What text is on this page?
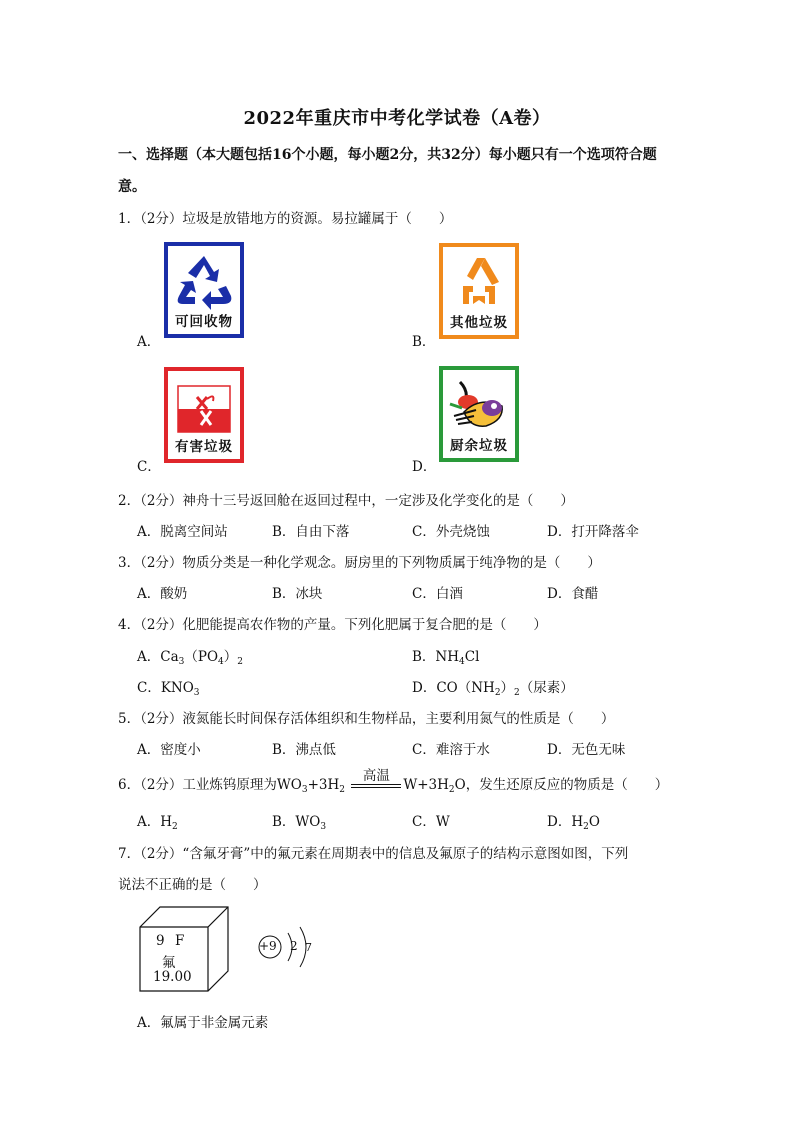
2022年重庆市中考化学试卷（A卷）
一、选择题（本大题包括16个小题，每小题2分，共32分）每小题只有一个选项符合题
意。
1．（2分）垃圾是放错地方的资源。易拉罐属于（　　）
A．
可回收物
B．
其他垃圾
C．
有害垃圾
D．
厨余垃圾
2．（2分）神舟十三号返回舱在返回过程中，一定涉及化学变化的是（　　）
A．脱离空间站	B．自由下落	C．外壳烧蚀	D．打开降落伞
3．（2分）物质分类是一种化学观念。厨房里的下列物质属于纯净物的是（　　）
A．酸奶	B．冰块	C．白酒	D．食醋
4．（2分）化肥能提高农作物的产量。下列化肥属于复合肥的是（　　）
A．$Ca_3(PO_4)_2$	B．$NH_4Cl$
C．$KNO_3$	D．$CO(NH_2)_2$（尿素）
5．（2分）液氮能长时间保存活体组织和生物样品，主要利用氮气的性质是（　　）
A．密度小	B．沸点低	C．难溶于水	D．无色无味
6．（2分）工业炼钨原理为$WO_3+3H_2$
高温
$W+3H_2O$，发生还原反应的物质是（　　）
A．$H_2$	B．$WO_3$	C．W	D．$H_2O$
7．（2分）“含氟牙膏”中的氟元素在周期表中的信息及氟原子的结构示意图如图，下列
说法不正确的是（　　）
9 F
氟
19.00
+9 2 7
A．氟属于非金属元素
